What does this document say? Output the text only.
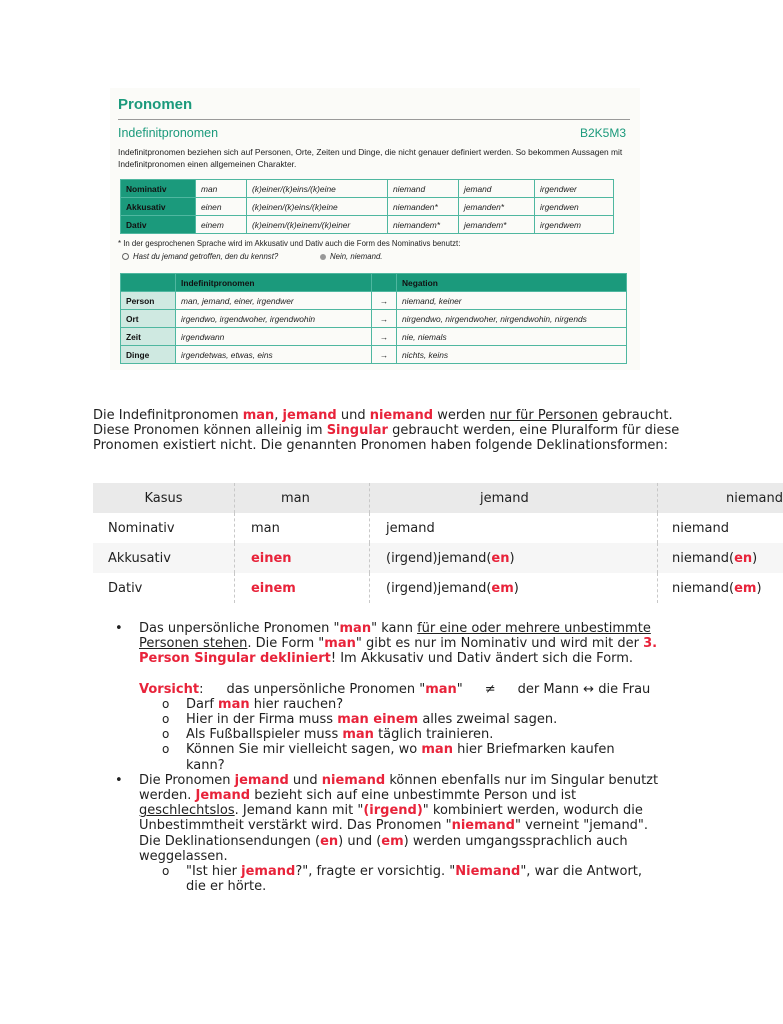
Pronomen
Indefinitpronomen	B2K5M3
Indefinitpronomen beziehen sich auf Personen, Orte, Zeiten und Dinge, die nicht genauer definiert werden. So bekommen Aussagen mit Indefinitpronomen einen allgemeinen Charakter.
Nominativ	man	(k)einer/(k)eins/(k)eine	niemand	jemand	irgendwer
Akkusativ	einen	(k)einen/(k)eins/(k)eine	niemanden*	jemanden*	irgendwen
Dativ	einem	(k)einem/(k)einem/(k)einer	niemandem*	jemandem*	irgendwem
* In der gesprochenen Sprache wird im Akkusativ und Dativ auch die Form des Nominativs benutzt:
Hast du jemand getroffen, den du kennst?	Nein, niemand.
	Indefinitpronomen		Negation
Person	man, jemand, einer, irgendwer	→	niemand, keiner
Ort	irgendwo, irgendwoher, irgendwohin	→	nirgendwo, nirgendwoher, nirgendwohin, nirgends
Zeit	irgendwann	→	nie, niemals
Dinge	irgendetwas, etwas, eins	→	nichts, keins
Die Indefinitpronomen man, jemand und niemand werden nur für Personen gebraucht. Diese Pronomen können alleinig im Singular gebraucht werden, eine Pluralform für diese Pronomen existiert nicht. Die genannten Pronomen haben folgende Deklinationsformen:
Kasus	man	jemand	niemand
Nominativ	man	jemand	niemand
Akkusativ	einen	(irgend)jemand(en)	niemand(en)
Dativ	einem	(irgend)jemand(em)	niemand(em)
• Das unpersönliche Pronomen "man" kann für eine oder mehrere unbestimmte Personen stehen. Die Form "man" gibt es nur im Nominativ und wird mit der 3. Person Singular dekliniert! Im Akkusativ und Dativ ändert sich die Form.
Vorsicht: das unpersönliche Pronomen "man" ≠ der Mann ↔ die Frau
o Darf man hier rauchen?
o Hier in der Firma muss man einem alles zweimal sagen.
o Als Fußballspieler muss man täglich trainieren.
o Können Sie mir vielleicht sagen, wo man hier Briefmarken kaufen kann?
• Die Pronomen jemand und niemand können ebenfalls nur im Singular benutzt werden. Jemand bezieht sich auf eine unbestimmte Person und ist geschlechtslos. Jemand kann mit "(irgend)" kombiniert werden, wodurch die Unbestimmtheit verstärkt wird. Das Pronomen "niemand" verneint "jemand". Die Deklinationsendungen (en) und (em) werden umgangssprachlich auch weggelassen.
o "Ist hier jemand?", fragte er vorsichtig. "Niemand", war die Antwort, die er hörte.
